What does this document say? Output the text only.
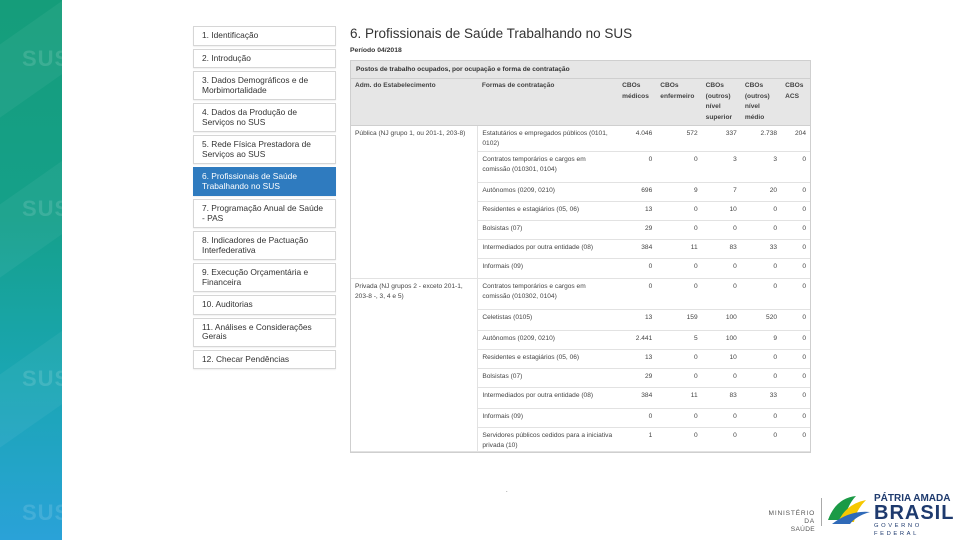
SUS
SUS
SUS
SUS
1. Identificação
2. Introdução
3. Dados Demográficos e de Morbimortalidade
4. Dados da Produção de Serviços no SUS
5. Rede Física Prestadora de Serviços ao SUS
6. Profissionais de Saúde Trabalhando no SUS
7. Programação Anual de Saúde - PAS
8. Indicadores de Pactuação Interfederativa
9. Execução Orçamentária e Financeira
10. Auditorias
11. Análises e Considerações Gerais
12. Checar Pendências
6. Profissionais de Saúde Trabalhando no SUS
Período 04/2018
Postos de trabalho ocupados, por ocupação e forma de contratação
Adm. do Estabelecimento	Formas de contratação	CBOs médicos	CBOs enfermeiro	CBOs (outros) nível superior	CBOs (outros) nível médio	CBOs ACS
Pública (NJ grupo 1, ou 201-1, 203-8)	Estatutários e empregados públicos (0101, 0102)	4.046	572	337	2.738	204
	Contratos temporários e cargos em comissão (010301, 0104)	0	0	3	3	0
	Autônomos (0209, 0210)	696	9	7	20	0
	Residentes e estagiários (05, 06)	13	0	10	0	0
	Bolsistas (07)	29	0	0	0	0
	Intermediados por outra entidade (08)	384	11	83	33	0
	Informais (09)	0	0	0	0	0
Privada (NJ grupos 2 - exceto 201-1, 203-8 -, 3, 4 e 5)	Contratos temporários e cargos em comissão (010302, 0104)	0	0	0	0	0
	Celetistas (0105)	13	159	100	520	0
	Autônomos (0209, 0210)	2.441	5	100	9	0
	Residentes e estagiários (05, 06)	13	0	10	0	0
	Bolsistas (07)	29	0	0	0	0
	Intermediados por outra entidade (08)	384	11	83	33	0
	Informais (09)	0	0	0	0	0
	Servidores públicos cedidos para a iniciativa privada (10)	1	0	0	0	0
.
MINISTÉRIO DA
SAÚDE
PÁTRIA AMADA
BRASIL
GOVERNO FEDERAL
